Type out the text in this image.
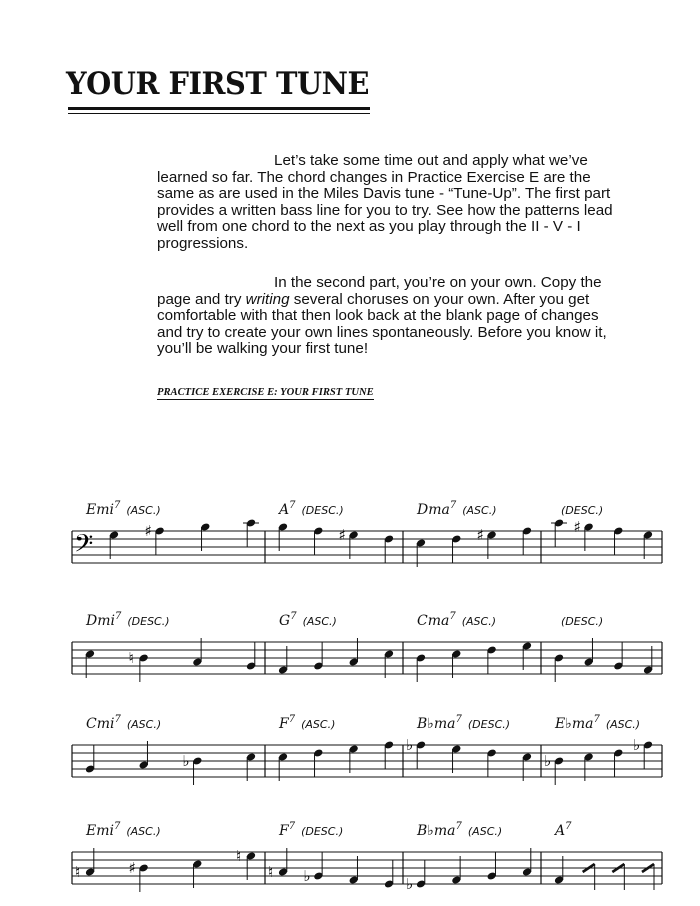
YOUR FIRST TUNE

Let’s take some time out and apply what we’ve learned so far. The chord changes in Practice Exercise E are the same as are used in the Miles Davis tune - “Tune-Up”. The first part provides a written bass line for you to try. See how the patterns lead well from one chord to the next as you play through the II - V - I progressions.

In the second part, you’re on your own. Copy the page and try writing several choruses on your own. After you get comfortable with that then look back at the blank page of changes and try to create your own lines spontaneously. Before you know it, you’ll be walking your first tune!

PRACTICE EXERCISE E: YOUR FIRST TUNE
𝄢
Emi$^7$ $_{(ASC.)}$
♯
$A^7$ $_{(DESC.)}$
♯
Dma$^7$ $_{(ASC.)}$
♯
(DESC.)
♯
Dmi$^7$ $_{(DESC.)}$
♮
$G^7$ $_{(ASC.)}$	Cma$^7$ $_{(ASC.)}$	(DESC.)
Cmi$^7$ $_{(ASC.)}$
♭
$F^7$ $_{(ASC.)}$	$B♭ma^7$ $_{(DESC.)}$
♭
$E♭ma^7$ $_{(ASC.)}$
♭
♭
Emi$^7$ $_{(ASC.)}$
♮	♯
♮
$F^7$ $_{(DESC.)}$
♮ ♭
$B♭ma^7$ $_{(ASC.)}$
♭
$A^7$
